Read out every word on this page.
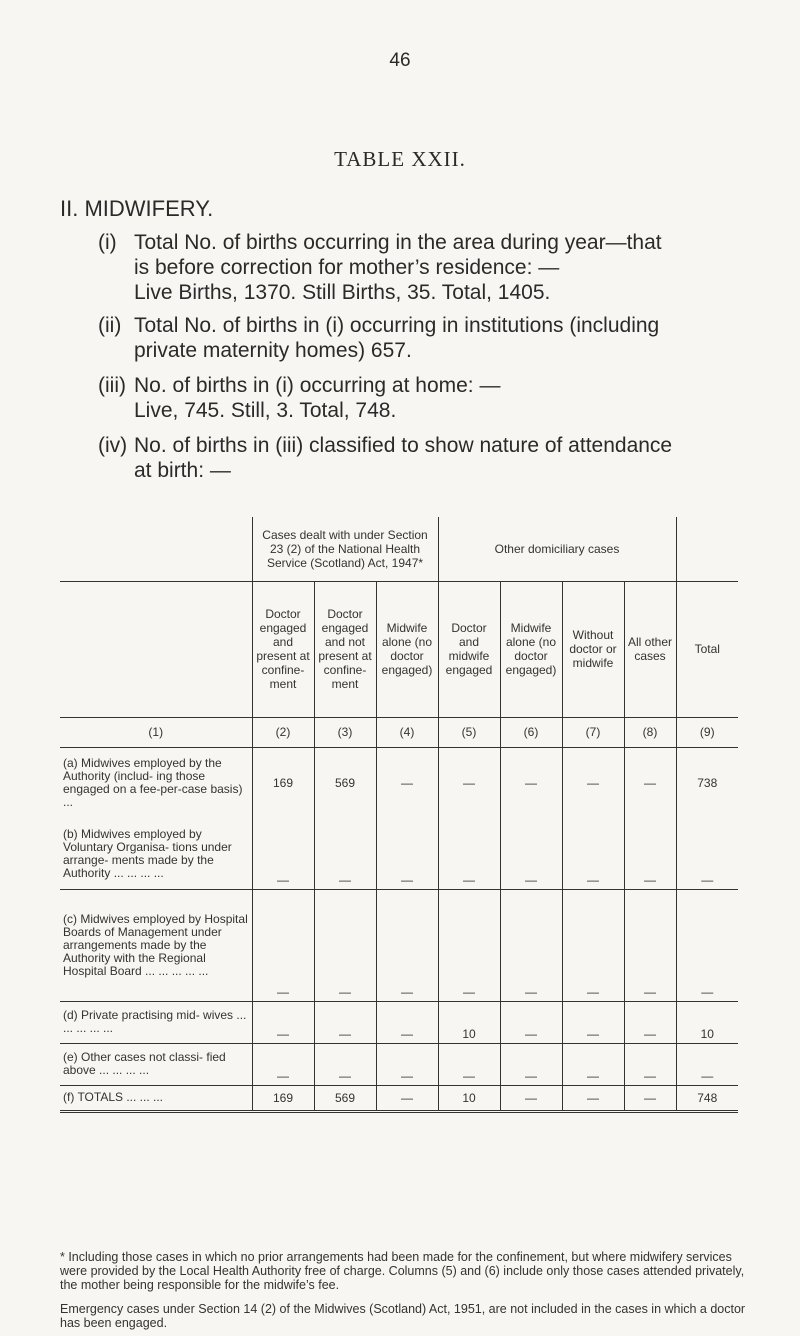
46
TABLE XXII.
II. MIDWIFERY.
(i) Total No. of births occurring in the area during year—that
is before correction for mother’s residence: —
Live Births, 1370. Still Births, 35. Total, 1405.
(ii) Total No. of births in (i) occurring in institutions (including
private maternity homes) 657.
(iii) No. of births in (i) occurring at home: —
Live, 745. Still, 3. Total, 748.
(iv) No. of births in (iii) classified to show nature of attendance
at birth: —
	Cases dealt with under Section 23 (2) of the National Health Service (Scotland) Act, 1947*			Other domiciliary cases				
	Doctor engaged and present at confine- ment	Doctor engaged and not present at confine- ment	Midwife alone (no doctor engaged)	Doctor and midwife engaged	Midwife alone (no doctor engaged)	Without doctor or midwife	All other cases	Total
(1)	(2)	(3)	(4)	(5)	(6)	(7)	(8)	(9)
(a) Midwives employed by the Authority (includ- ing those engaged on a fee-per-case basis) ...	169	569	—	—	—	—	—	738
(b) Midwives employed by Voluntary Organisa- tions under arrange- ments made by the Authority ... ... ... ...	—	—	—	—	—	—	—	—
(c) Midwives employed by Hospital Boards of Management under arrangements made by the Authority with the Regional Hospital Board ... ... ... ... ...	—	—	—	—	—	—	—	—
(d) Private practising mid- wives ... ... ... ... ...	—	—	—	10	—	—	—	10
(e) Other cases not classi- fied above ... ... ... ...	—	—	—	—	—	—	—	—
(f) TOTALS ... ... ...	169	569	—	10	—	—	—	748
* Including those cases in which no prior arrangements had been made for the confinement, but where midwifery services were provided by the Local Health Authority free of charge. Columns (5) and (6) include only those cases attended privately, the mother being responsible for the midwife’s fee.
Emergency cases under Section 14 (2) of the Midwives (Scotland) Act, 1951, are not included in the cases in which a doctor has been engaged.
